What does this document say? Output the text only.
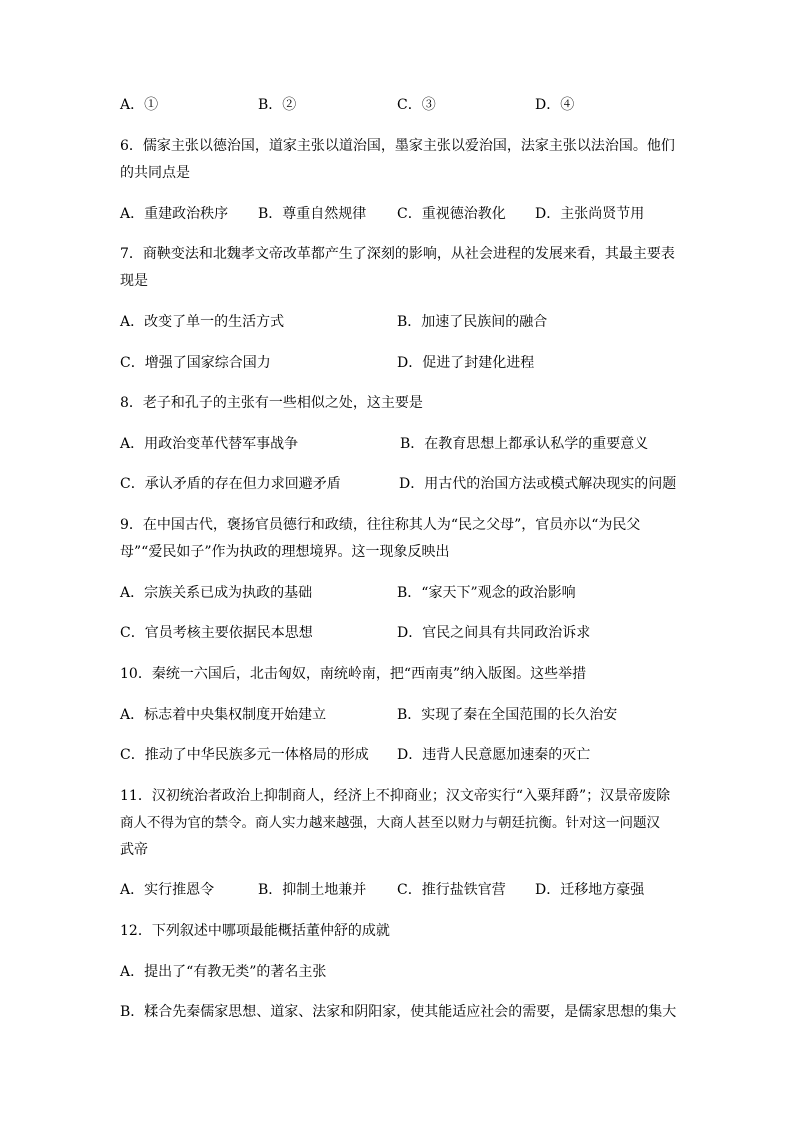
A．①	B．②	C．③	D．④
6．儒家主张以德治国，道家主张以道治国，墨家主张以爱治国，法家主张以法治国。他们
的共同点是
A．重建政治秩序 B．尊重自然规律 C．重视德治教化 D．主张尚贤节用
7．商鞅变法和北魏孝文帝改革都产生了深刻的影响，从社会进程的发展来看，其最主要表
现是
A．改变了单一的生活方式	B．加速了民族间的融合
C．增强了国家综合国力	D．促进了封建化进程
8．老子和孔子的主张有一些相似之处，这主要是
A．用政治变革代替军事战争	B．在教育思想上都承认私学的重要意义
C．承认矛盾的存在但力求回避矛盾	D．用古代的治国方法或模式解决现实的问题
9．在中国古代，褒扬官员德行和政绩，往往称其人为“民之父母”，官员亦以“为民父
母”“爱民如子”作为执政的理想境界。这一现象反映出
A．宗族关系已成为执政的基础	B．“家天下”观念的政治影响
C．官员考核主要依据民本思想	D．官民之间具有共同政治诉求
10．秦统一六国后，北击匈奴，南统岭南，把“西南夷”纳入版图。这些举措
A．标志着中央集权制度开始建立	B．实现了秦在全国范围的长久治安
C．推动了中华民族多元一体格局的形成 D．违背人民意愿加速秦的灭亡
11．汉初统治者政治上抑制商人，经济上不抑商业；汉文帝实行“入粟拜爵”；汉景帝废除
商人不得为官的禁令。商人实力越来越强，大商人甚至以财力与朝廷抗衡。针对这一问题汉
武帝
A．实行推恩令	B．抑制土地兼并 C．推行盐铁官营 D．迁移地方豪强
12．下列叙述中哪项最能概括董仲舒的成就
A．提出了“有教无类”的著名主张
B．糅合先秦儒家思想、道家、法家和阴阳家，使其能适应社会的需要，是儒家思想的集大
